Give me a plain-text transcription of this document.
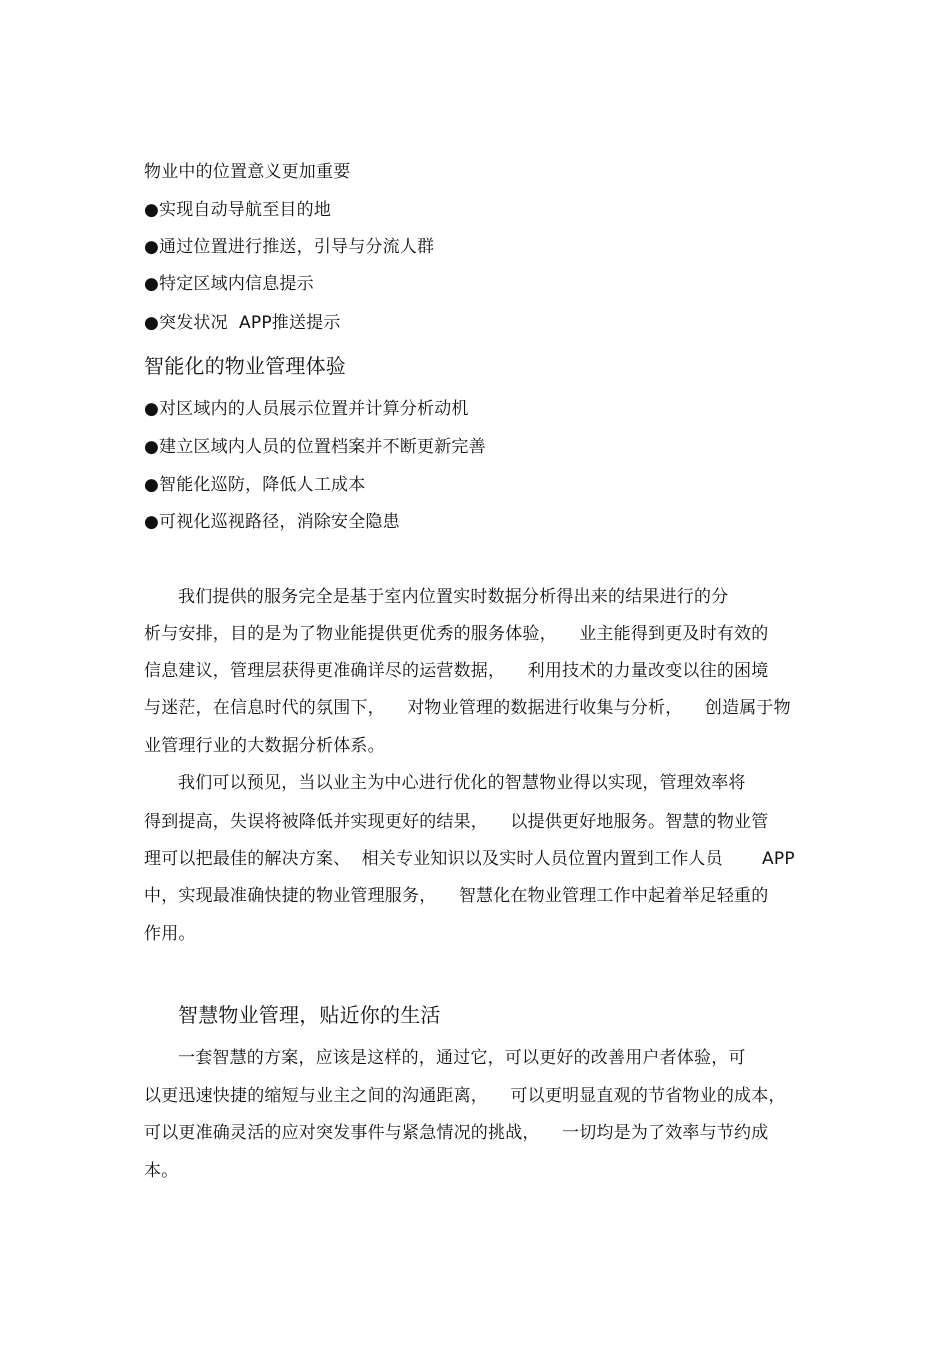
物业中的位置意义更加重要
●实现自动导航至目的地
●通过位置进行推送，引导与分流人群
●特定区域内信息提示
●突发状况  APP推送提示
智能化的物业管理体验
●对区域内的人员展示位置并计算分析动机
●建立区域内人员的位置档案并不断更新完善
●智能化巡防，降低人工成本
●可视化巡视路径，消除安全隐患
我们提供的服务完全是基于室内位置实时数据分析得出来的结果进行的分
析与安排，目的是为了物业能提供更优秀的服务体验，    业主能得到更及时有效的
信息建议，管理层获得更准确详尽的运营数据，    利用技术的力量改变以往的困境
与迷茫，在信息时代的氛围下，    对物业管理的数据进行收集与分析，    创造属于物
业管理行业的大数据分析体系。
我们可以预见，当以业主为中心进行优化的智慧物业得以实现，管理效率将
得到提高，失误将被降低并实现更好的结果，    以提供更好地服务。智慧的物业管
理可以把最佳的解决方案、  相关专业知识以及实时人员位置内置到工作人员       APP
中，实现最准确快捷的物业管理服务，    智慧化在物业管理工作中起着举足轻重的
作用。
智慧物业管理，贴近你的生活
一套智慧的方案，应该是这样的，通过它，可以更好的改善用户者体验，可
以更迅速快捷的缩短与业主之间的沟通距离，    可以更明显直观的节省物业的成本，
可以更准确灵活的应对突发事件与紧急情况的挑战，    一切均是为了效率与节约成
本。
